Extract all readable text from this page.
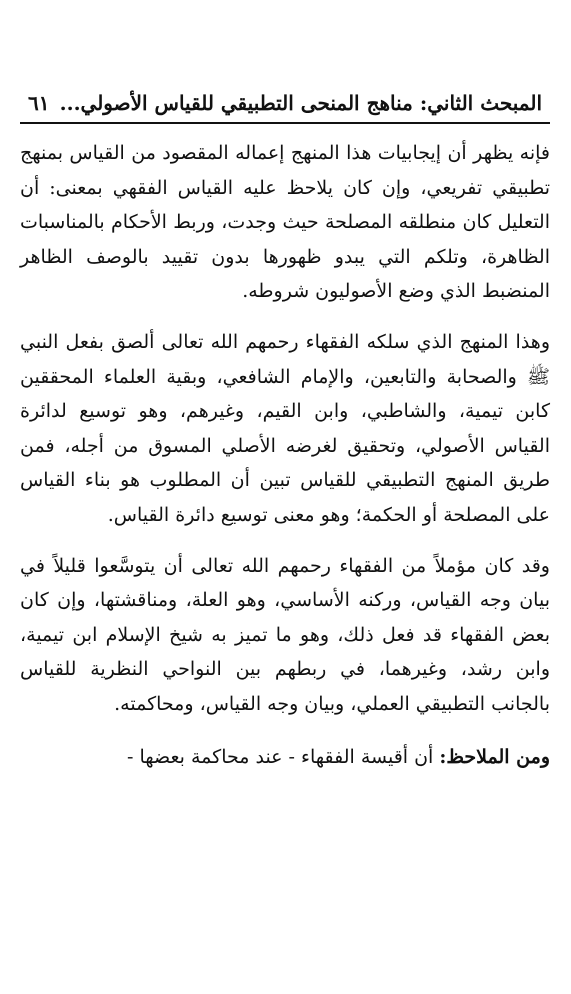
المبحث الثاني: مناهج المنحى التطبيقي للقياس الأصولي...
٦١

فإنه يظهر أن إيجابيات هذا المنهج إعماله المقصود من القياس بمنهج تطبيقي تفريعي، وإن كان يلاحظ عليه القياس الفقهي بمعنى: أن التعليل كان منطلقه المصلحة حيث وجدت، وربط الأحكام بالمناسبات الظاهرة، وتلكم التي يبدو ظهورها بدون تقييد بالوصف الظاهر المنضبط الذي وضع الأصوليون شروطه.

وهذا المنهج الذي سلكه الفقهاء رحمهم الله تعالى ألصق بفعل النبي ﷺ والصحابة والتابعين، والإمام الشافعي، وبقية العلماء المحققين كابن تيمية، والشاطبي، وابن القيم، وغيرهم، وهو توسيع لدائرة القياس الأصولي، وتحقيق لغرضه الأصلي المسوق من أجله، فمن طريق المنهج التطبيقي للقياس تبين أن المطلوب هو بناء القياس على المصلحة أو الحكمة؛ وهو معنى توسيع دائرة القياس.

وقد كان مؤملاً من الفقهاء رحمهم الله تعالى أن يتوسَّعوا قليلاً في بيان وجه القياس، وركنه الأساسي، وهو العلة، ومناقشتها، وإن كان بعض الفقهاء قد فعل ذلك، وهو ما تميز به شيخ الإسلام ابن تيمية، وابن رشد، وغيرهما، في ربطهم بين النواحي النظرية للقياس بالجانب التطبيقي العملي، وبيان وجه القياس، ومحاكمته.

ومن الملاحظ: أن أقيسة الفقهاء - عند محاكمة بعضها -
